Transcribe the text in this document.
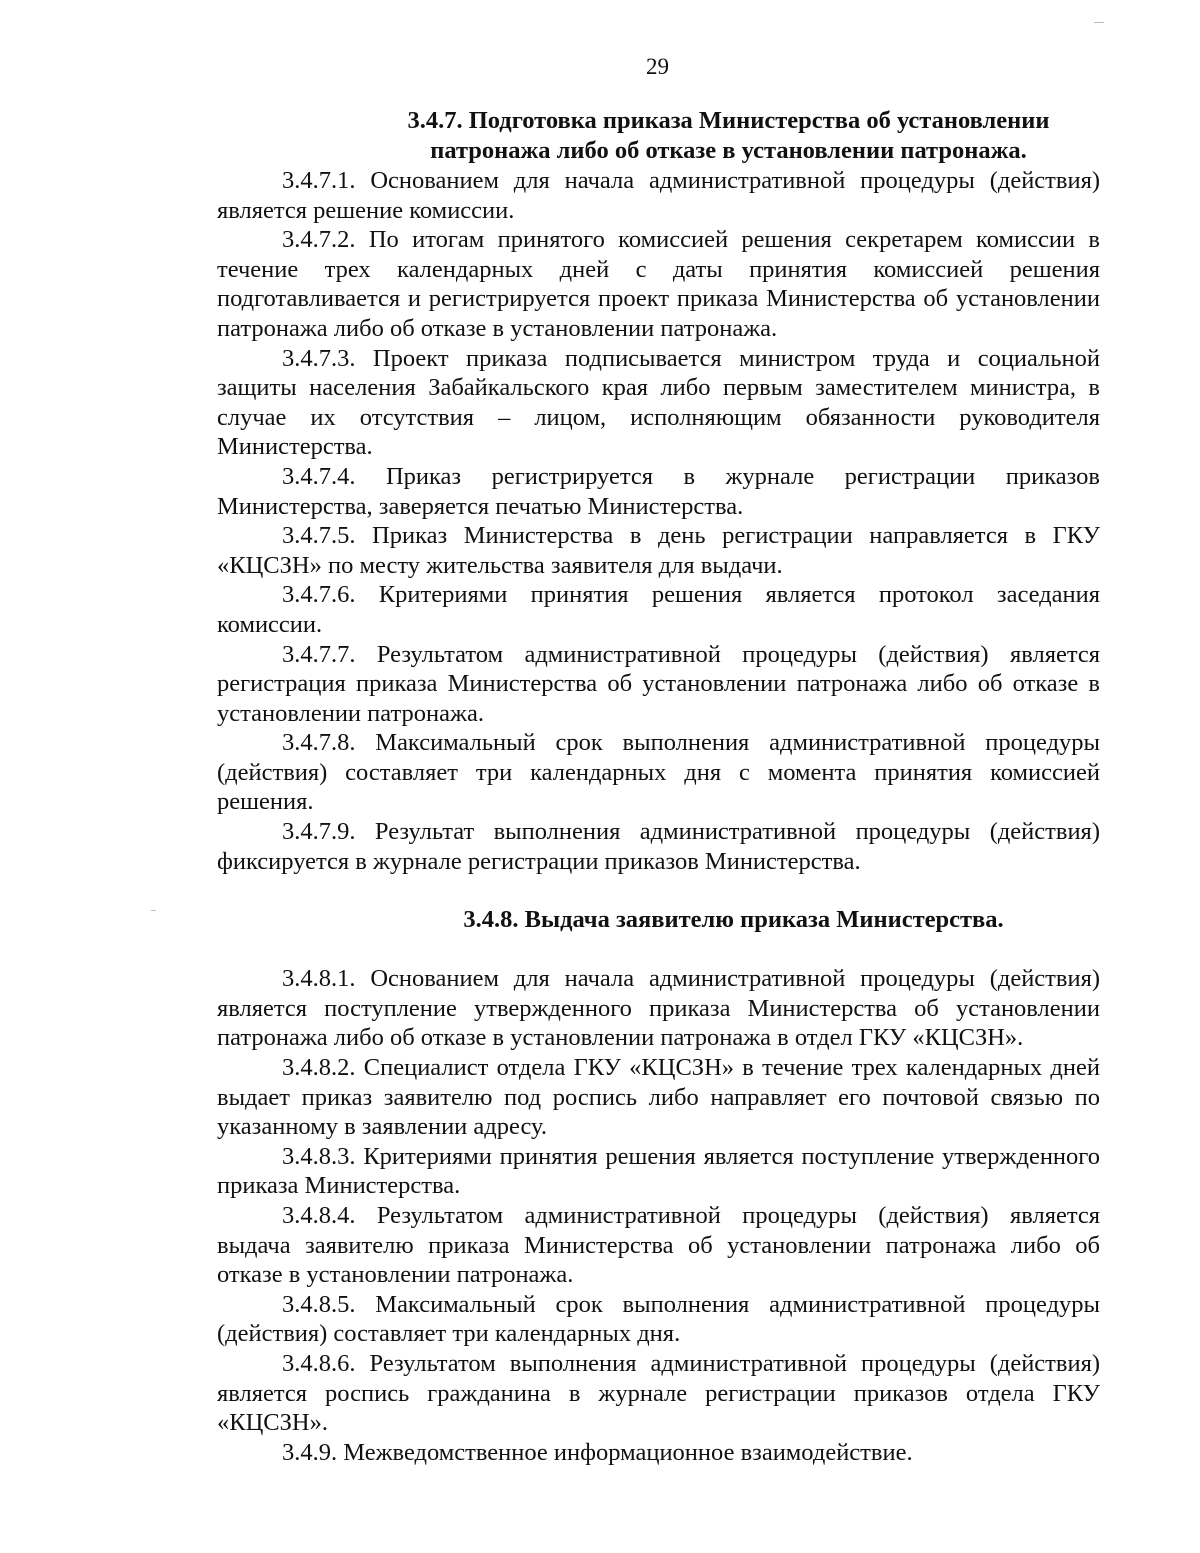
29

3.4.7. Подготовка приказа Министерства об установлении патронажа либо об отказе в установлении патронажа.

3.4.7.1. Основанием для начала административной процедуры (действия) является решение комиссии.

3.4.7.2. По итогам принятого комиссией решения секретарем комиссии в течение трех календарных дней с даты принятия комиссией решения подготавливается и регистрируется проект приказа Министерства об установлении патронажа либо об отказе в установлении патронажа.

3.4.7.3. Проект приказа подписывается министром труда и социальной защиты населения Забайкальского края либо первым заместителем министра, в случае их отсутствия – лицом, исполняющим обязанности руководителя Министерства.

3.4.7.4. Приказ регистрируется в журнале регистрации приказов Министерства, заверяется печатью Министерства.

3.4.7.5. Приказ Министерства в день регистрации направляется в ГКУ «КЦСЗН» по месту жительства заявителя для выдачи.

3.4.7.6. Критериями принятия решения является протокол заседания комиссии.

3.4.7.7. Результатом административной процедуры (действия) является регистрация приказа Министерства об установлении патронажа либо об отказе в установлении патронажа.

3.4.7.8. Максимальный срок выполнения административной процедуры (действия) составляет три календарных дня с момента принятия комиссией решения.

3.4.7.9. Результат выполнения административной процедуры (действия) фиксируется в журнале регистрации приказов Министерства.

3.4.8. Выдача заявителю приказа Министерства.

3.4.8.1. Основанием для начала административной процедуры (действия) является поступление утвержденного приказа Министерства об установлении патронажа либо об отказе в установлении патронажа в отдел ГКУ «КЦСЗН».

3.4.8.2. Специалист отдела ГКУ «КЦСЗН» в течение трех календарных дней выдает приказ заявителю под роспись либо направляет его почтовой связью по указанному в заявлении адресу.

3.4.8.3. Критериями принятия решения является поступление утвержденного приказа Министерства.

3.4.8.4. Результатом административной процедуры (действия) является выдача заявителю приказа Министерства об установлении патронажа либо об отказе в установлении патронажа.

3.4.8.5. Максимальный срок выполнения административной процедуры (действия) составляет три календарных дня.

3.4.8.6. Результатом выполнения административной процедуры (действия) является роспись гражданина в журнале регистрации приказов отдела ГКУ «КЦСЗН».

3.4.9. Межведомственное информационное взаимодействие.
